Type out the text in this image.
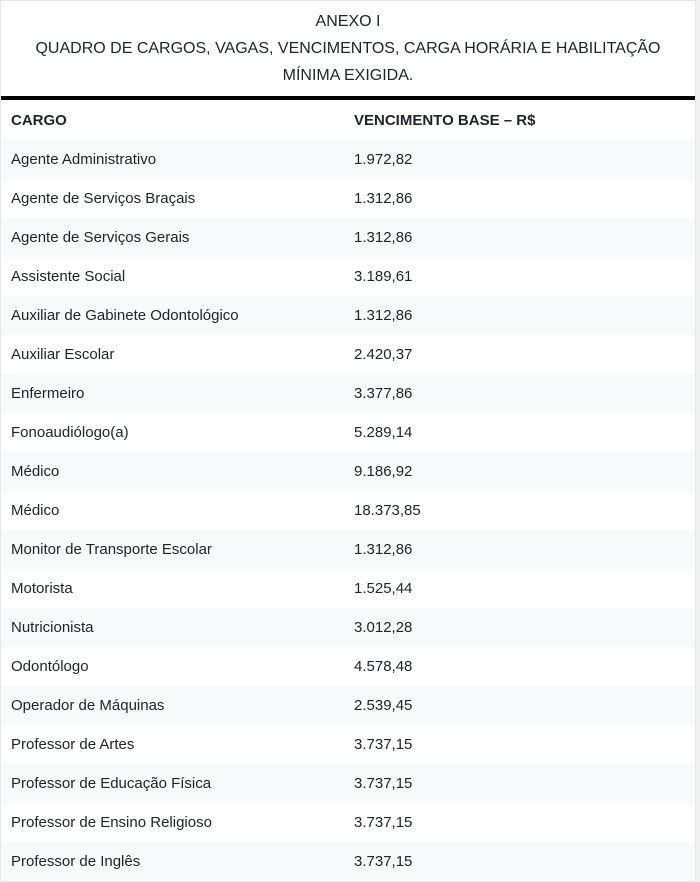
ANEXO I
QUADRO DE CARGOS, VAGAS, VENCIMENTOS, CARGA HORÁRIA E HABILITAÇÃO MÍNIMA EXIGIDA.
CARGO	VENCIMENTO BASE – R$
Agente Administrativo	1.972,82
Agente de Serviços Braçais	1.312,86
Agente de Serviços Gerais	1.312,86
Assistente Social	3.189,61
Auxiliar de Gabinete Odontológico	1.312,86
Auxiliar Escolar	2.420,37
Enfermeiro	3.377,86
Fonoaudiólogo(a)	5.289,14
Médico	9.186,92
Médico	18.373,85
Monitor de Transporte Escolar	1.312,86
Motorista	1.525,44
Nutricionista	3.012,28
Odontólogo	4.578,48
Operador de Máquinas	2.539,45
Professor de Artes	3.737,15
Professor de Educação Física	3.737,15
Professor de Ensino Religioso	3.737,15
Professor de Inglês	3.737,15
